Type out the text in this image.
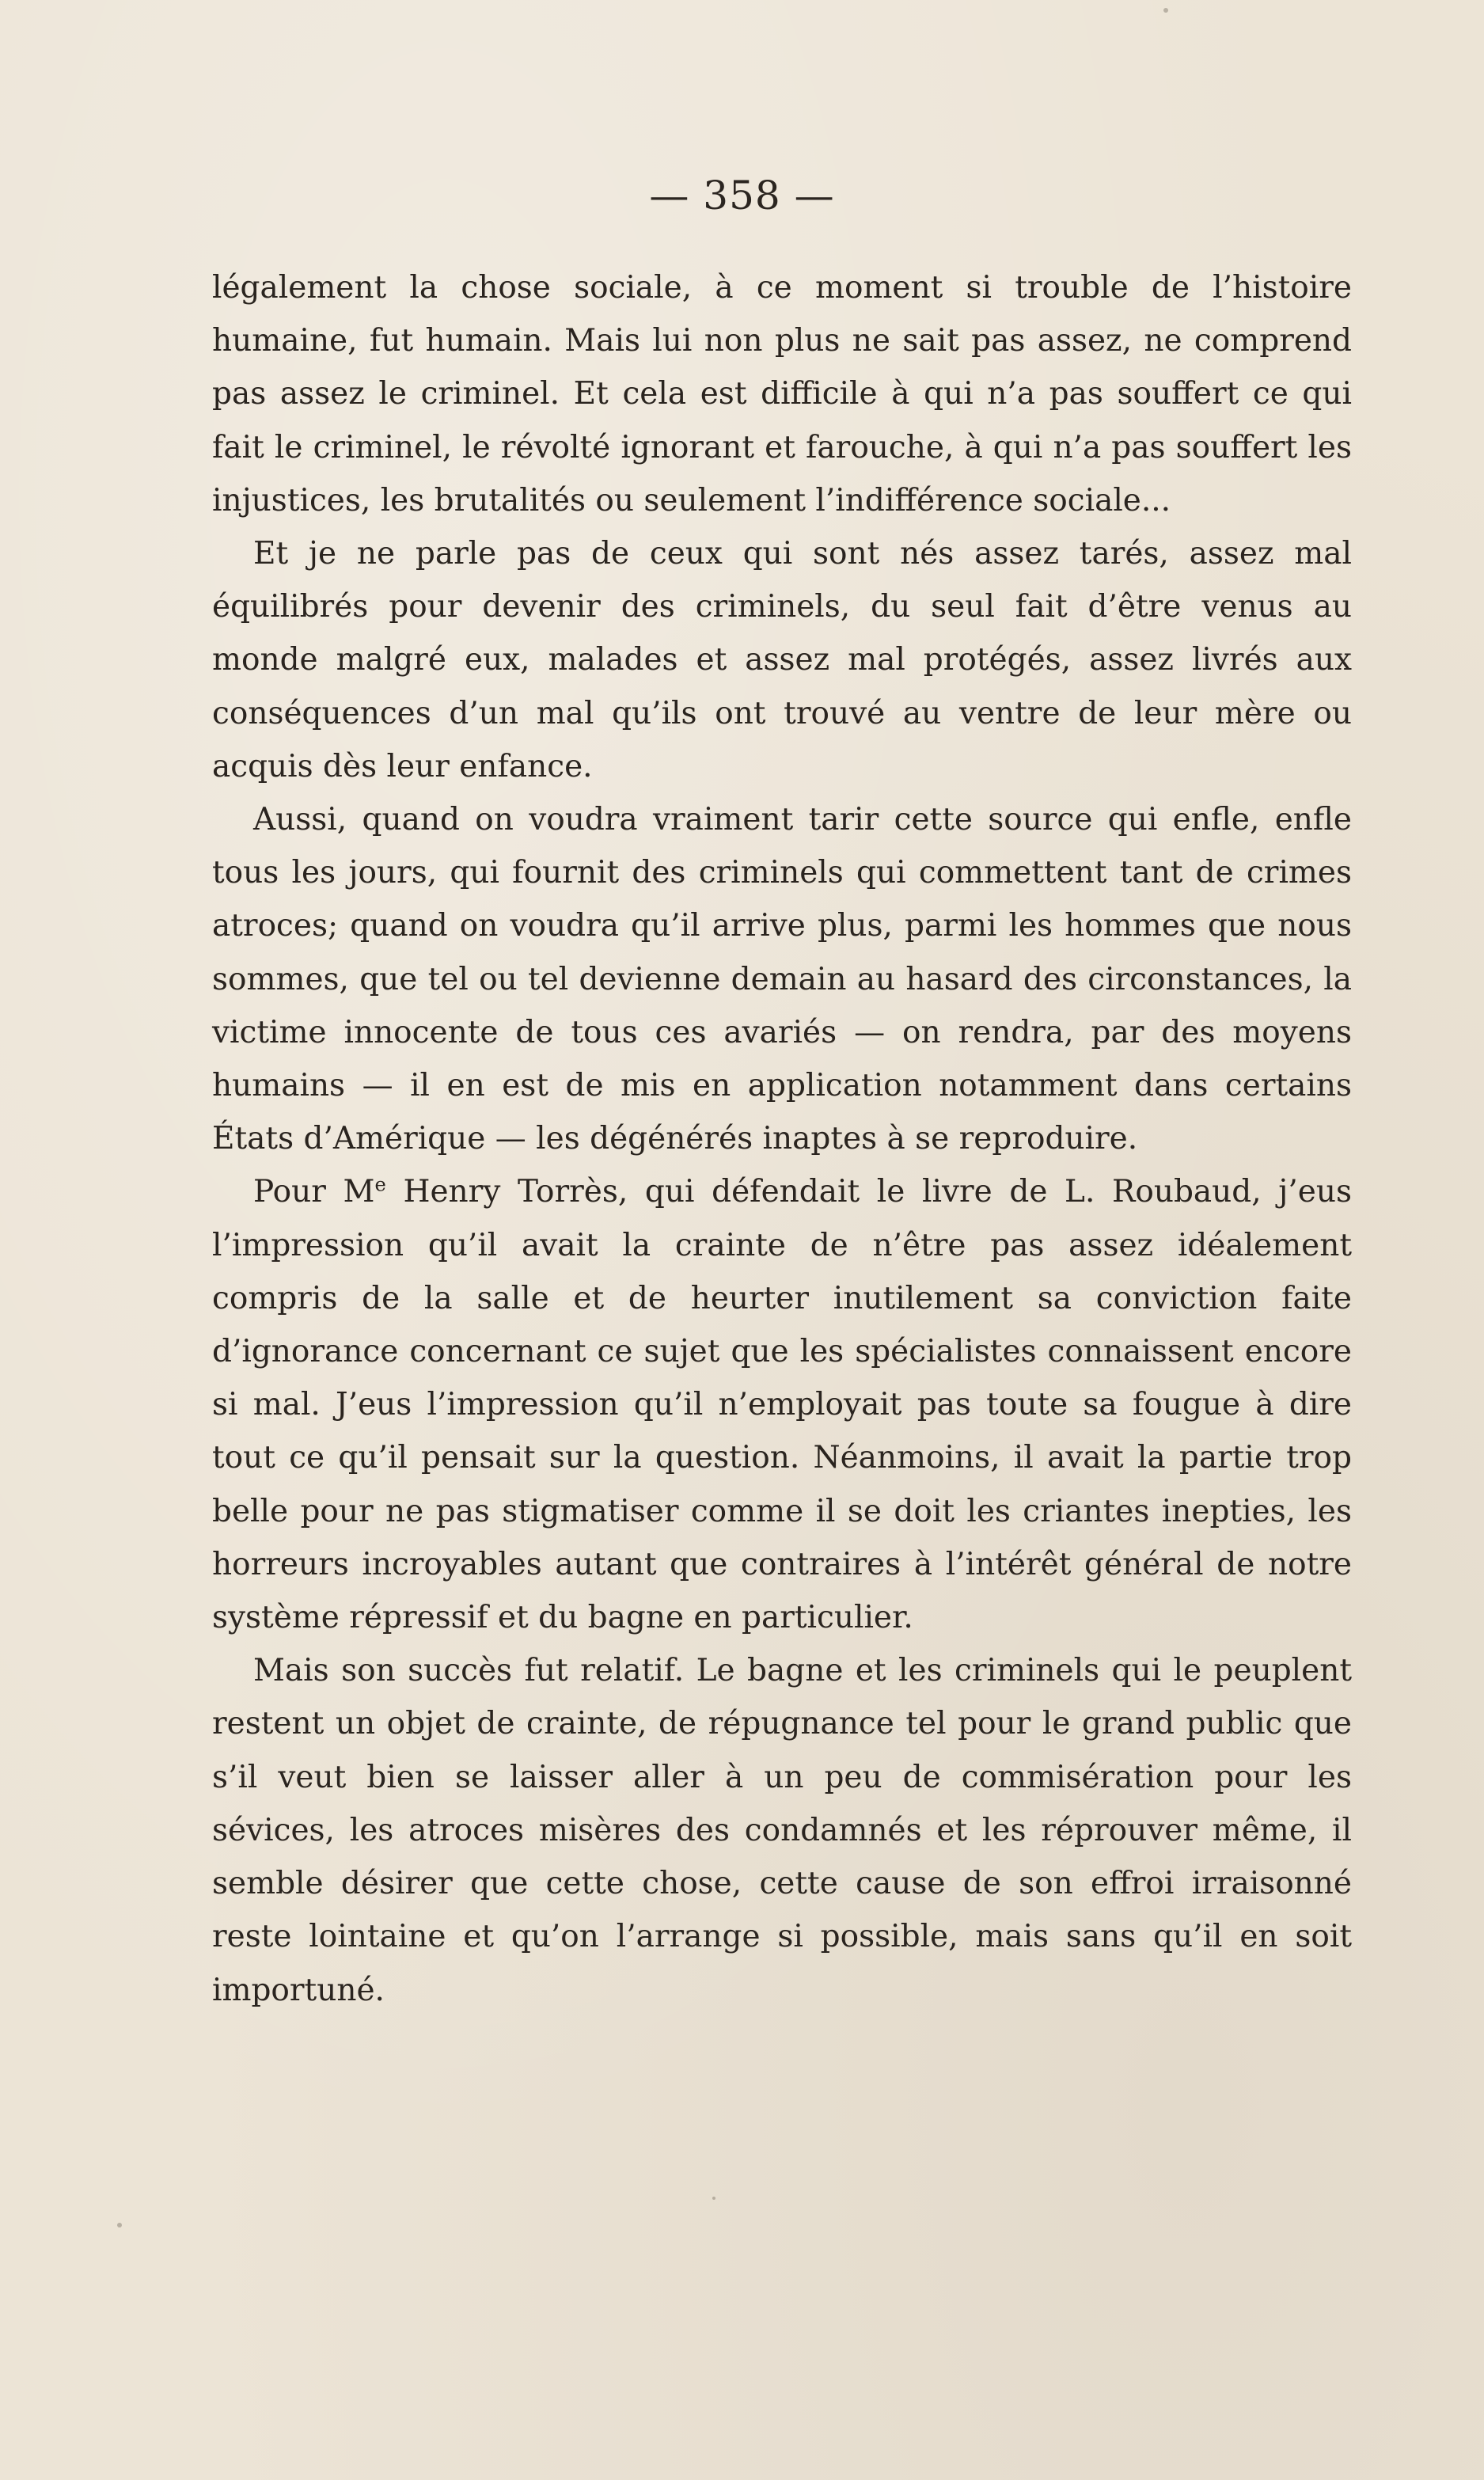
— 358 —

légalement la chose sociale, à ce moment si trouble de l’histoire humaine, fut humain. Mais lui non plus ne sait pas assez, ne comprend pas assez le criminel. Et cela est difficile à qui n’a pas souffert ce qui fait le criminel, le révolté ignorant et farouche, à qui n’a pas souffert les injustices, les brutalités ou seulement l’indifférence sociale...

Et je ne parle pas de ceux qui sont nés assez tarés, assez mal équilibrés pour devenir des criminels, du seul fait d’être venus au monde malgré eux, malades et assez mal protégés, assez livrés aux conséquences d’un mal qu’ils ont trouvé au ventre de leur mère ou acquis dès leur enfance.

Aussi, quand on voudra vraiment tarir cette source qui enfle, enfle tous les jours, qui fournit des criminels qui commettent tant de crimes atroces; quand on voudra qu’il arrive plus, parmi les hommes que nous sommes, que tel ou tel devienne demain au hasard des circonstances, la victime innocente de tous ces avariés — on rendra, par des moyens humains — il en est de mis en application notamment dans certains États d’Amérique — les dégénérés inaptes à se reproduire.

Pour Me Henry Torrès, qui défendait le livre de L. Roubaud, j’eus l’impression qu’il avait la crainte de n’être pas assez idéalement compris de la salle et de heurter inutilement sa conviction faite d’ignorance concernant ce sujet que les spécialistes connaissent encore si mal. J’eus l’impression qu’il n’employait pas toute sa fougue à dire tout ce qu’il pensait sur la question. Néanmoins, il avait la partie trop belle pour ne pas stigmatiser comme il se doit les criantes inepties, les horreurs incroyables autant que contraires à l’intérêt général de notre système répressif et du bagne en particulier.

Mais son succès fut relatif. Le bagne et les criminels qui le peuplent restent un objet de crainte, de répugnance tel pour le grand public que s’il veut bien se laisser aller à un peu de commisération pour les sévices, les atroces misères des condamnés et les réprouver même, il semble désirer que cette chose, cette cause de son effroi irraisonné reste lointaine et qu’on l’arrange si possible, mais sans qu’il en soit importuné.
